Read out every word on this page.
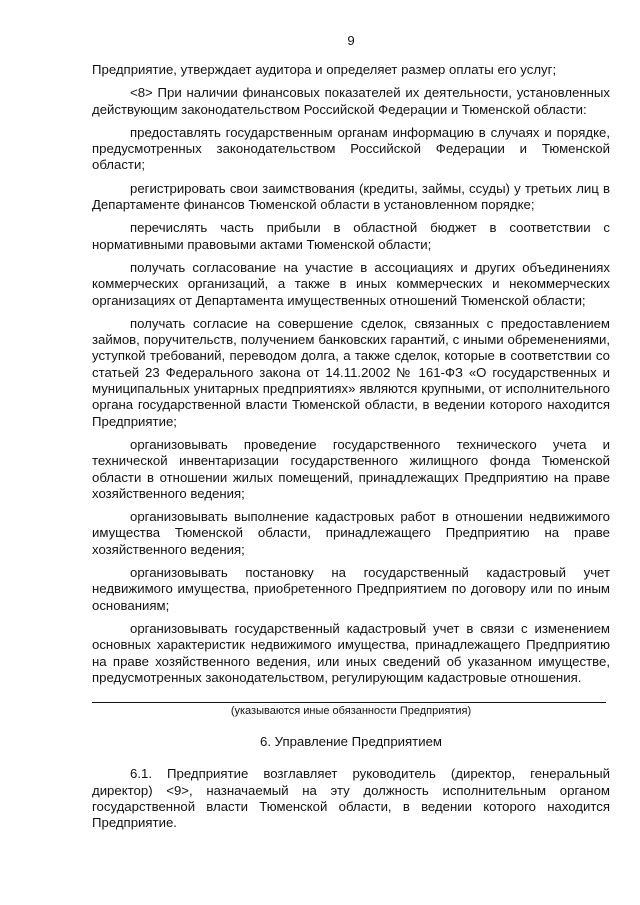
9

Предприятие, утверждает аудитора и определяет размер оплаты его услуг;

<8> При наличии финансовых показателей их деятельности, установленных действующим законодательством Российской Федерации и Тюменской области:

предоставлять государственным органам информацию в случаях и порядке, предусмотренных законодательством Российской Федерации и Тюменской области;

регистрировать свои заимствования (кредиты, займы, ссуды) у третьих лиц в Департаменте финансов Тюменской области в установленном порядке;

перечислять часть прибыли в областной бюджет в соответствии с нормативными правовыми актами Тюменской области;

получать согласование на участие в ассоциациях и других объединениях коммерческих организаций, а также в иных коммерческих и некоммерческих организациях от Департамента имущественных отношений Тюменской области;

получать согласие на совершение сделок, связанных с предоставлением займов, поручительств, получением банковских гарантий, с иными обременениями, уступкой требований, переводом долга, а также сделок, которые в соответствии со статьей 23 Федерального закона от 14.11.2002 № 161-ФЗ «О государственных и муниципальных унитарных предприятиях» являются крупными, от исполнительного органа государственной власти Тюменской области, в ведении которого находится Предприятие;

организовывать проведение государственного технического учета и технической инвентаризации государственного жилищного фонда Тюменской области в отношении жилых помещений, принадлежащих Предприятию на праве хозяйственного ведения;

организовывать выполнение кадастровых работ в отношении недвижимого имущества Тюменской области, принадлежащего Предприятию на праве хозяйственного ведения;

организовывать постановку на государственный кадастровый учет недвижимого имущества, приобретенного Предприятием по договору или по иным основаниям;

организовывать государственный кадастровый учет в связи с изменением основных характеристик недвижимого имущества, принадлежащего Предприятию на праве хозяйственного ведения, или иных сведений об указанном имуществе, предусмотренных законодательством, регулирующим кадастровые отношения.

(указываются иные обязанности Предприятия)
6. Управление Предприятием

6.1. Предприятие возглавляет руководитель (директор, генеральный директор) <9>, назначаемый на эту должность исполнительным органом государственной власти Тюменской области, в ведении которого находится Предприятие.
